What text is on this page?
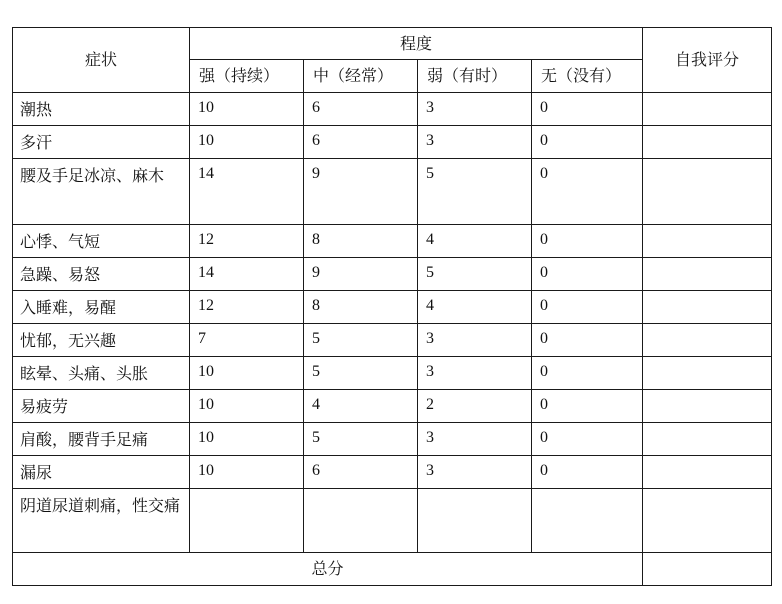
症状	程度				自我评分
	强（持续）	中（经常）	弱（有时）	无（没有）	
潮热	10	6	3	0	
多汗	10	6	3	0	
腰及手足冰凉、麻木	14	9	5	0	
心悸、气短	12	8	4	0	
急躁、易怒	14	9	5	0	
入睡难，易醒	12	8	4	0	
忧郁，无兴趣	7	5	3	0	
眩晕、头痛、头胀	10	5	3	0	
易疲劳	10	4	2	0	
肩酸，腰背手足痛	10	5	3	0	
漏尿	10	6	3	0	
阴道尿道刺痛，性交痛					
总分					
